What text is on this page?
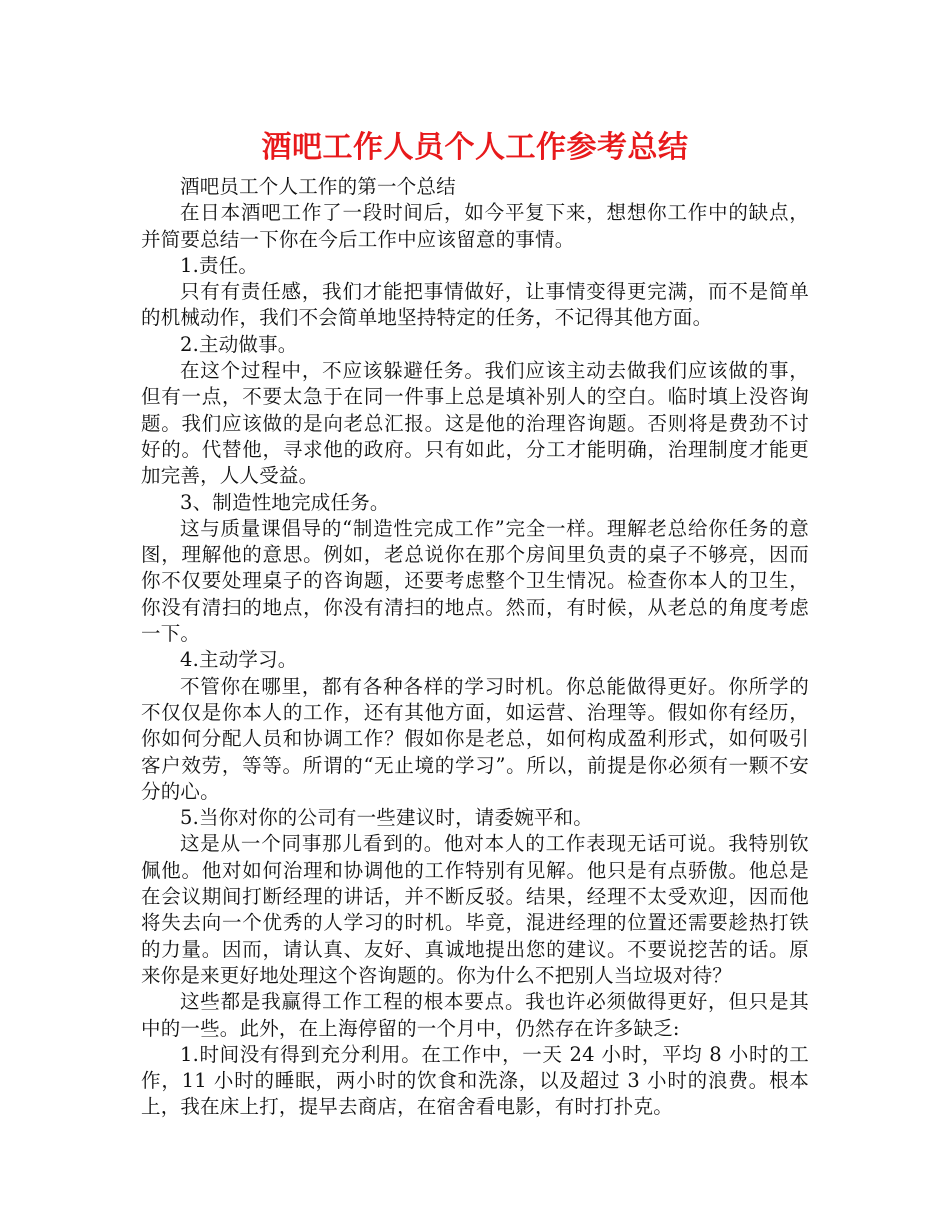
酒吧工作人员个人工作参考总结

酒吧员工个人工作的第一个总结

在日本酒吧工作了一段时间后，如今平复下来，想想你工作中的缺点，并简要总结一下你在今后工作中应该留意的事情。

1.责任。

只有有责任感，我们才能把事情做好，让事情变得更完满，而不是简单的机械动作，我们不会简单地坚持特定的任务，不记得其他方面。

2.主动做事。

在这个过程中，不应该躲避任务。我们应该主动去做我们应该做的事，但有一点，不要太急于在同一件事上总是填补别人的空白。临时填上没咨询题。我们应该做的是向老总汇报。这是他的治理咨询题。否则将是费劲不讨好的。代替他，寻求他的政府。只有如此，分工才能明确，治理制度才能更加完善，人人受益。

3、制造性地完成任务。

这与质量课倡导的“制造性完成工作”完全一样。理解老总给你任务的意图，理解他的意思。例如，老总说你在那个房间里负责的桌子不够亮，因而你不仅要处理桌子的咨询题，还要考虑整个卫生情况。检查你本人的卫生，你没有清扫的地点，你没有清扫的地点。然而，有时候，从老总的角度考虑一下。

4.主动学习。

不管你在哪里，都有各种各样的学习时机。你总能做得更好。你所学的不仅仅是你本人的工作，还有其他方面，如运营、治理等。假如你有经历，你如何分配人员和协调工作？假如你是老总，如何构成盈利形式，如何吸引客户效劳，等等。所谓的“无止境的学习”。所以，前提是你必须有一颗不安分的心。

5.当你对你的公司有一些建议时，请委婉平和。

这是从一个同事那儿看到的。他对本人的工作表现无话可说。我特别钦佩他。他对如何治理和协调他的工作特别有见解。他只是有点骄傲。他总是在会议期间打断经理的讲话，并不断反驳。结果，经理不太受欢迎，因而他将失去向一个优秀的人学习的时机。毕竟，混进经理的位置还需要趁热打铁的力量。因而，请认真、友好、真诚地提出您的建议。不要说挖苦的话。原来你是来更好地处理这个咨询题的。你为什么不把别人当垃圾对待？

这些都是我赢得工作工程的根本要点。我也许必须做得更好，但只是其中的一些。此外，在上海停留的一个月中，仍然存在许多缺乏:

1.时间没有得到充分利用。在工作中，一天 24 小时，平均 8 小时的工作，11 小时的睡眠，两小时的饮食和洗涤，以及超过 3 小时的浪费。根本上，我在床上打，提早去商店，在宿舍看电影，有时打扑克。
